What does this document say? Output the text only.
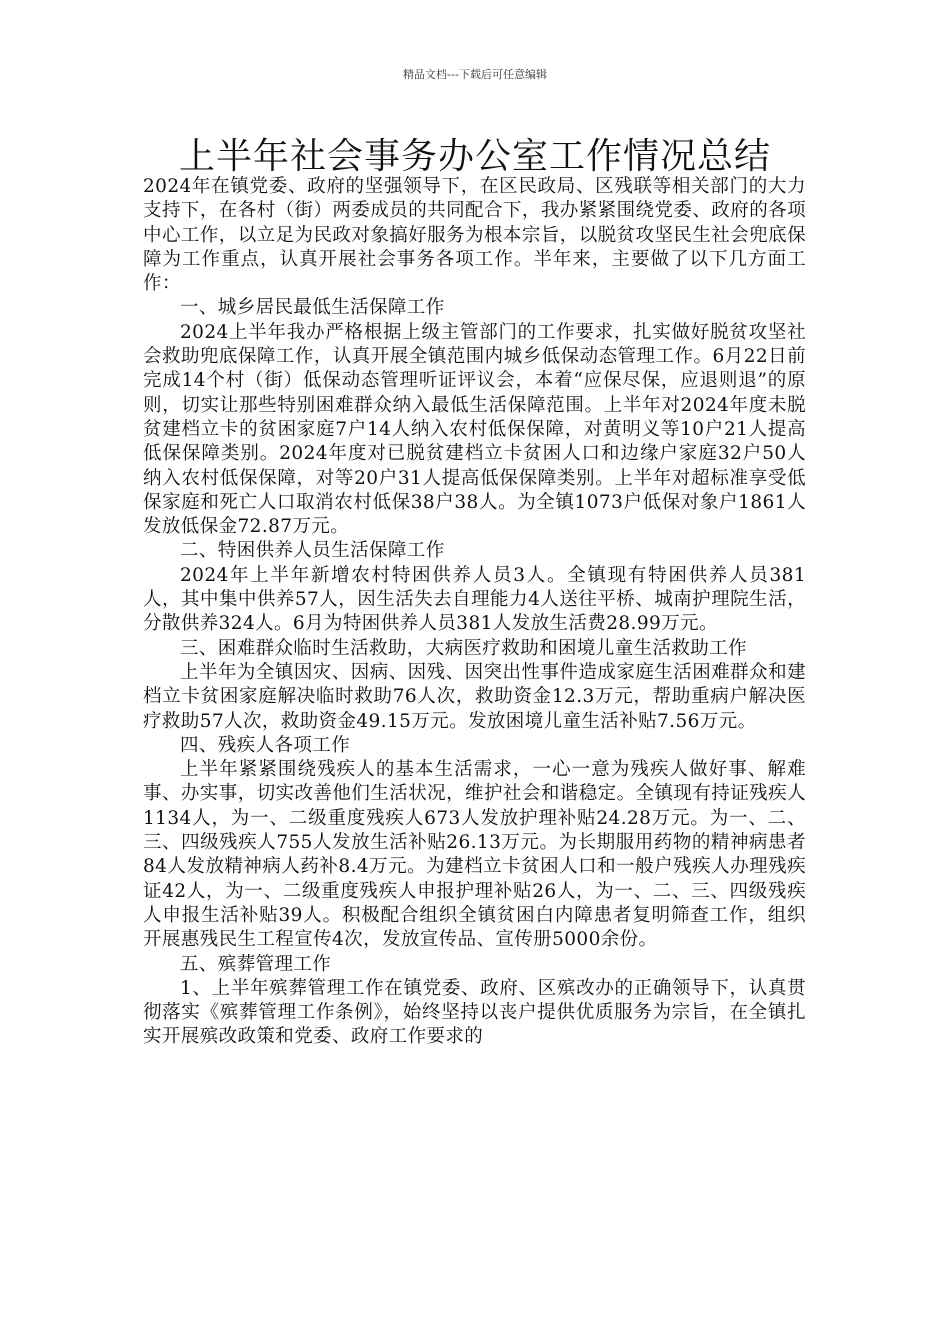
精品文档---下载后可任意编辑
上半年社会事务办公室工作情况总结

2024年在镇党委、政府的坚强领导下，在区民政局、区残联等相关部门的大力支持下，在各村（街）两委成员的共同配合下，我办紧紧围绕党委、政府的各项中心工作，以立足为民政对象搞好服务为根本宗旨，以脱贫攻坚民生社会兜底保障为工作重点，认真开展社会事务各项工作。半年来，主要做了以下几方面工作：

一、城乡居民最低生活保障工作

2024上半年我办严格根据上级主管部门的工作要求，扎实做好脱贫攻坚社会救助兜底保障工作，认真开展全镇范围内城乡低保动态管理工作。6月22日前完成14个村（街）低保动态管理听证评议会，本着“应保尽保，应退则退”的原则，切实让那些特别困难群众纳入最低生活保障范围。上半年对2024年度未脱贫建档立卡的贫困家庭7户14人纳入农村低保保障，对黄明义等10户21人提高低保保障类别。2024年度对已脱贫建档立卡贫困人口和边缘户家庭32户50人纳入农村低保保障，对等20户31人提高低保保障类别。上半年对超标准享受低保家庭和死亡人口取消农村低保38户38人。为全镇1073户低保对象户1861人发放低保金72.87万元。

二、特困供养人员生活保障工作

2024年上半年新增农村特困供养人员3人。全镇现有特困供养人员381人，其中集中供养57人，因生活失去自理能力4人送往平桥、城南护理院生活，分散供养324人。6月为特困供养人员381人发放生活费28.99万元。

三、困难群众临时生活救助，大病医疗救助和困境儿童生活救助工作

上半年为全镇因灾、因病、因残、因突出性事件造成家庭生活困难群众和建档立卡贫困家庭解决临时救助76人次，救助资金12.3万元，帮助重病户解决医疗救助57人次，救助资金49.15万元。发放困境儿童生活补贴7.56万元。

四、残疾人各项工作

上半年紧紧围绕残疾人的基本生活需求，一心一意为残疾人做好事、解难事、办实事，切实改善他们生活状况，维护社会和谐稳定。全镇现有持证残疾人1134人，为一、二级重度残疾人673人发放护理补贴24.28万元。为一、二、三、四级残疾人755人发放生活补贴26.13万元。为长期服用药物的精神病患者84人发放精神病人药补8.4万元。为建档立卡贫困人口和一般户残疾人办理残疾证42人，为一、二级重度残疾人申报护理补贴26人，为一、二、三、四级残疾人申报生活补贴39人。积极配合组织全镇贫困白内障患者复明筛查工作，组织开展惠残民生工程宣传4次，发放宣传品、宣传册5000余份。

五、殡葬管理工作

1、上半年殡葬管理工作在镇党委、政府、区殡改办的正确领导下，认真贯彻落实《殡葬管理工作条例》，始终坚持以丧户提供优质服务为宗旨，在全镇扎实开展殡改政策和党委、政府工作要求的
